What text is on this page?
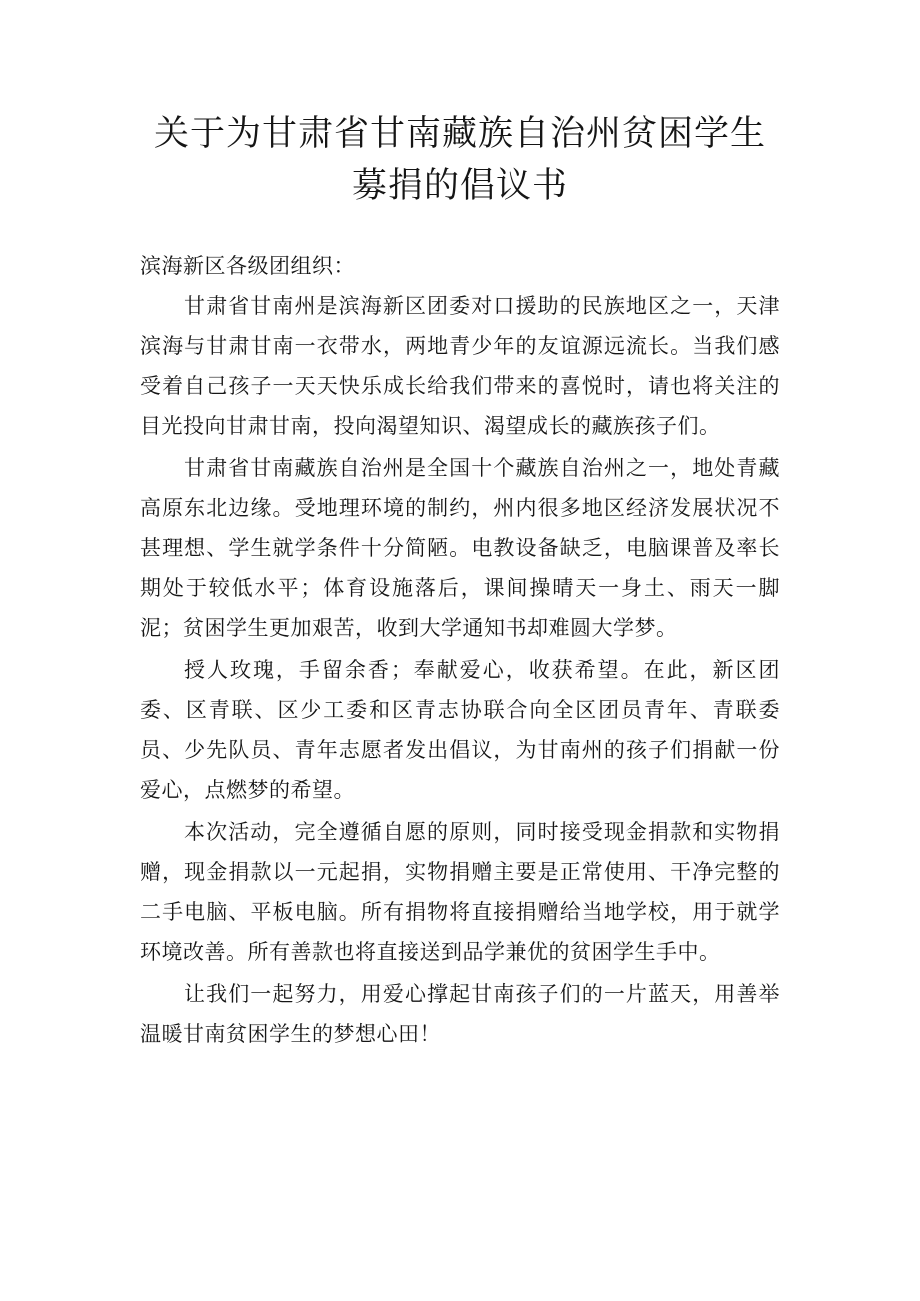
关于为甘肃省甘南藏族自治州贫困学生
募捐的倡议书

滨海新区各级团组织：

甘肃省甘南州是滨海新区团委对口援助的民族地区之一，天津滨海与甘肃甘南一衣带水，两地青少年的友谊源远流长。当我们感受着自己孩子一天天快乐成长给我们带来的喜悦时，请也将关注的目光投向甘肃甘南，投向渴望知识、渴望成长的藏族孩子们。

甘肃省甘南藏族自治州是全国十个藏族自治州之一，地处青藏高原东北边缘。受地理环境的制约，州内很多地区经济发展状况不甚理想、学生就学条件十分简陋。电教设备缺乏，电脑课普及率长期处于较低水平；体育设施落后，课间操晴天一身土、雨天一脚泥；贫困学生更加艰苦，收到大学通知书却难圆大学梦。

授人玫瑰，手留余香；奉献爱心，收获希望。在此，新区团委、区青联、区少工委和区青志协联合向全区团员青年、青联委员、少先队员、青年志愿者发出倡议，为甘南州的孩子们捐献一份爱心，点燃梦的希望。

本次活动，完全遵循自愿的原则，同时接受现金捐款和实物捐赠，现金捐款以一元起捐，实物捐赠主要是正常使用、干净完整的二手电脑、平板电脑。所有捐物将直接捐赠给当地学校，用于就学环境改善。所有善款也将直接送到品学兼优的贫困学生手中。

让我们一起努力，用爱心撑起甘南孩子们的一片蓝天，用善举温暖甘南贫困学生的梦想心田！
